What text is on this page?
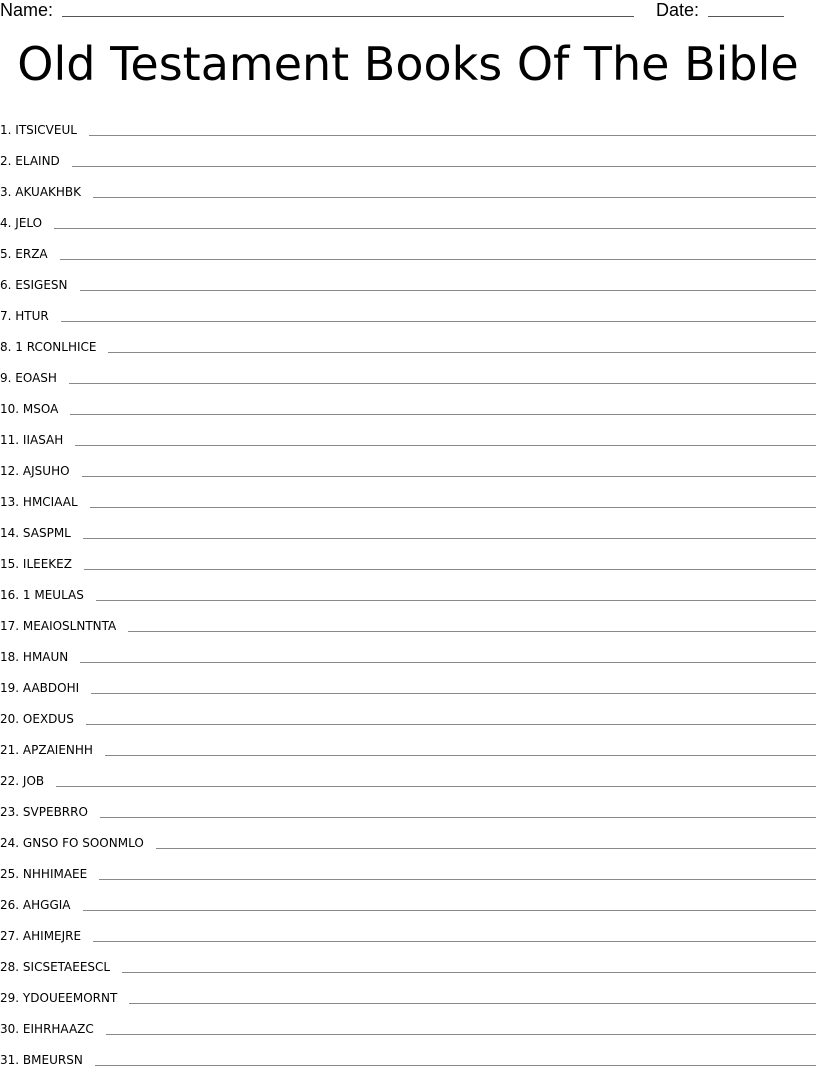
Name:	Date:
Old Testament Books Of The Bible
1. ITSICVEUL
2. ELAIND
3. AKUAKHBK
4. JELO
5. ERZA
6. ESIGESN
7. HTUR
8. 1 RCONLHICE
9. EOASH
10. MSOA
11. IIASAH
12. AJSUHO
13. HMCIAAL
14. SASPML
15. ILEEKEZ
16. 1 MEULAS
17. MEAIOSLNTNTA
18. HMAUN
19. AABDOHI
20. OEXDUS
21. APZAIENHH
22. JOB
23. SVPEBRRO
24. GNSO FO SOONMLO
25. NHHIMAEE
26. AHGGIA
27. AHIMEJRE
28. SICSETAEESCL
29. YDOUEEMORNT
30. EIHRHAAZC
31. BMEURSN
